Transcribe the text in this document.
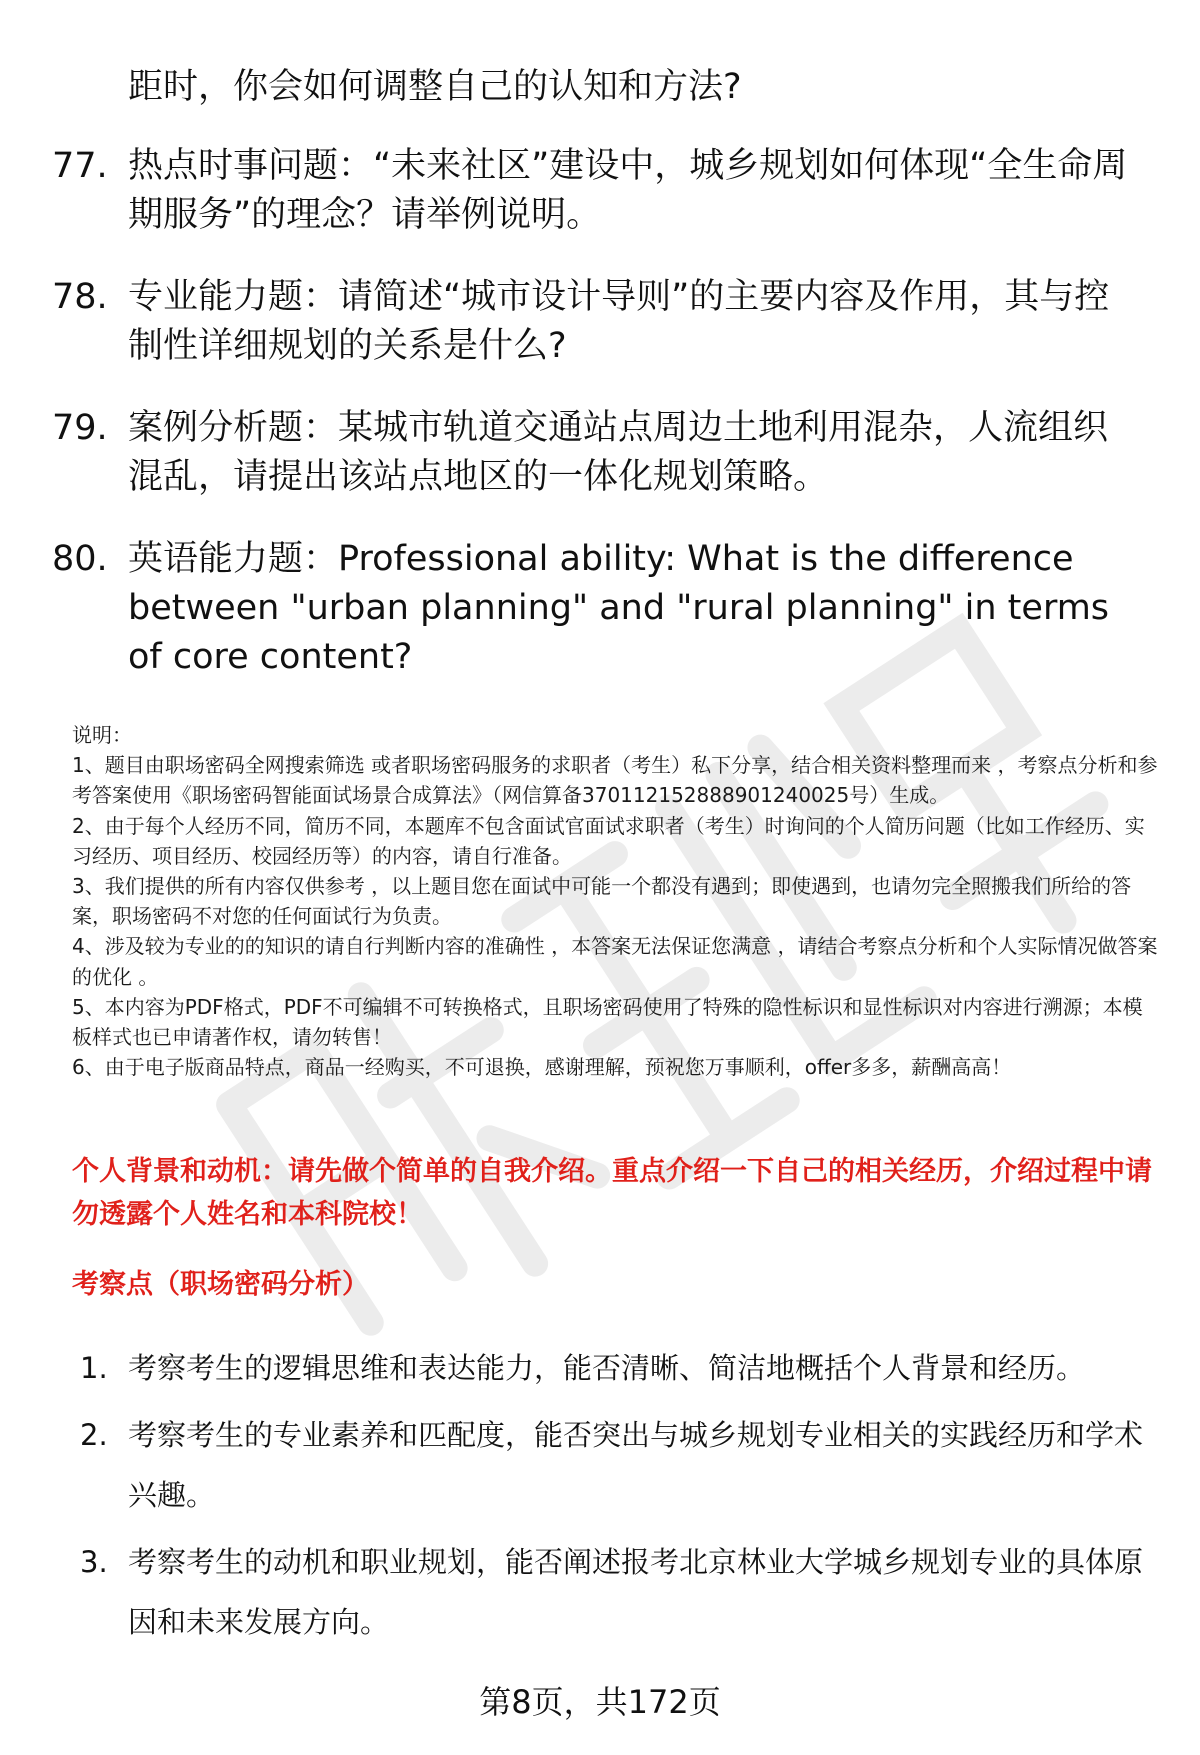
距时，你会如何调整自己的认知和方法?
77. 热点时事问题：“未来社区”建设中，城乡规划如何体现“全生命周期服务”的理念？请举例说明。
78. 专业能力题：请简述“城市设计导则”的主要内容及作用，其与控制性详细规划的关系是什么?
79. 案例分析题：某城市轨道交通站点周边土地利用混杂，人流组织混乱，请提出该站点地区的一体化规划策略。
80. 英语能力题：Professional ability: What is the difference between "urban planning" and "rural planning" in terms of core content?

说明：

1、题目由职场密码全网搜索筛选 或者职场密码服务的求职者（考生）私下分享，结合相关资料整理而来 ，考察点分析和参考答案使用《职场密码智能面试场景合成算法》（网信算备370112152888901240025号）生成。

2、由于每个人经历不同，简历不同，本题库不包含面试官面试求职者（考生）时询问的个人简历问题（比如工作经历、实习经历、项目经历、校园经历等）的内容，请自行准备。

3、我们提供的所有内容仅供参考 ，以上题目您在面试中可能一个都没有遇到；即使遇到，也请勿完全照搬我们所给的答案，职场密码不对您的任何面试行为负责。

4、涉及较为专业的的知识的请自行判断内容的准确性 ，本答案无法保证您满意 ，请结合考察点分析和个人实际情况做答案的优化 。

5、本内容为PDF格式，PDF不可编辑不可转换格式，且职场密码使用了特殊的隐性标识和显性标识对内容进行溯源；本模板样式也已申请著作权，请勿转售！

6、由于电子版商品特点，商品一经购买，不可退换，感谢理解，预祝您万事顺利，offer多多，薪酬高高！

个人背景和动机：请先做个简单的自我介绍。重点介绍一下自己的相关经历，介绍过程中请勿透露个人姓名和本科院校！
考察点（职场密码分析）
1. 考察考生的逻辑思维和表达能力，能否清晰、简洁地概括个人背景和经历。
2. 考察考生的专业素养和匹配度，能否突出与城乡规划专业相关的实践经历和学术兴趣。
3. 考察考生的动机和职业规划，能否阐述报考北京林业大学城乡规划专业的具体原因和未来发展方向。
第8页，共172页
